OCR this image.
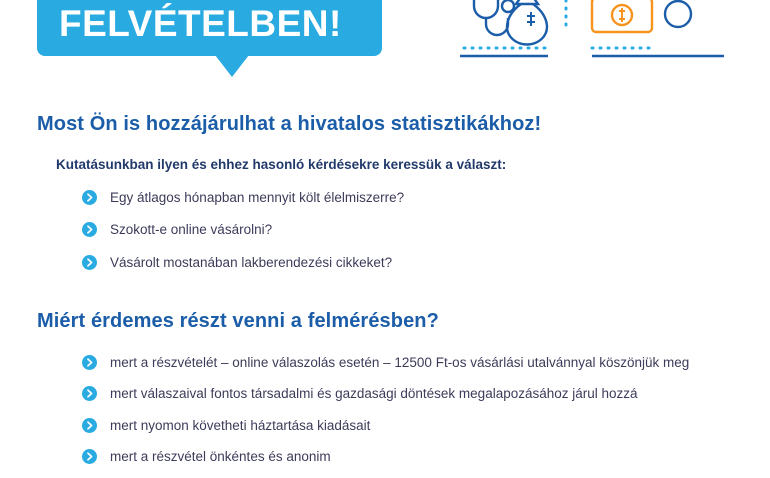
FELVÉTELBEN!
Most Ön is hozzájárulhat a hivatalos statisztikákhoz!
Kutatásunkban ilyen és ehhez hasonló kérdésekre keressük a választ:
Egy átlagos hónapban mennyit költ élelmiszerre?
Szokott-e online vásárolni?
Vásárolt mostanában lakberendezési cikkeket?
Miért érdemes részt venni a felmérésben?
mert a részvételét – online válaszolás esetén – 12500 Ft-os vásárlási utalvánnyal köszönjük meg
mert válaszaival fontos társadalmi és gazdasági döntések megalapozásához járul hozzá
mert nyomon követheti háztartása kiadásait
mert a részvétel önkéntes és anonim
